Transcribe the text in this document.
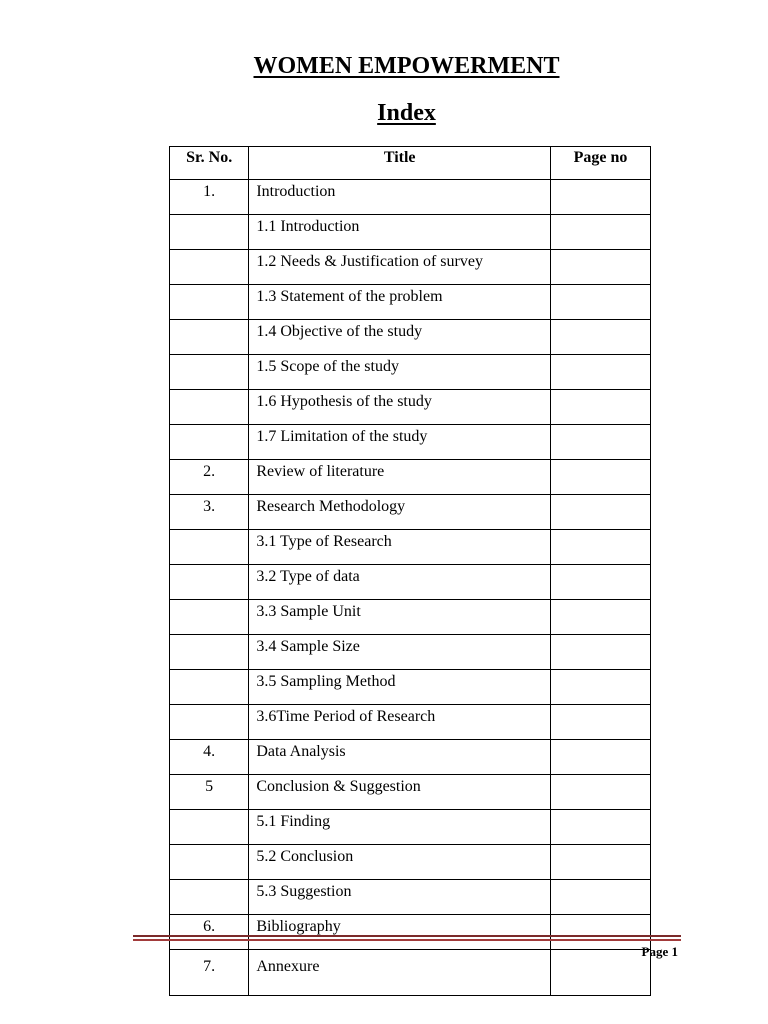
WOMEN EMPOWERMENT
Index
Sr. No.	Title	Page no
1.	Introduction	
	1.1 Introduction	
	1.2 Needs & Justification of survey	
	1.3 Statement of the problem	
	1.4 Objective of the study	
	1.5 Scope of the study	
	1.6 Hypothesis of the study	
	1.7 Limitation of the study	
2.	Review of literature	
3.	Research Methodology	
	3.1 Type of Research	
	3.2 Type of data	
	3.3 Sample Unit	
	3.4 Sample Size	
	3.5 Sampling Method	
	3.6Time Period of Research	
4.	Data Analysis	
5	Conclusion & Suggestion	
	5.1 Finding	
	5.2 Conclusion	
	5.3 Suggestion	
6.	Bibliography	
7.	Annexure	
Page 1
